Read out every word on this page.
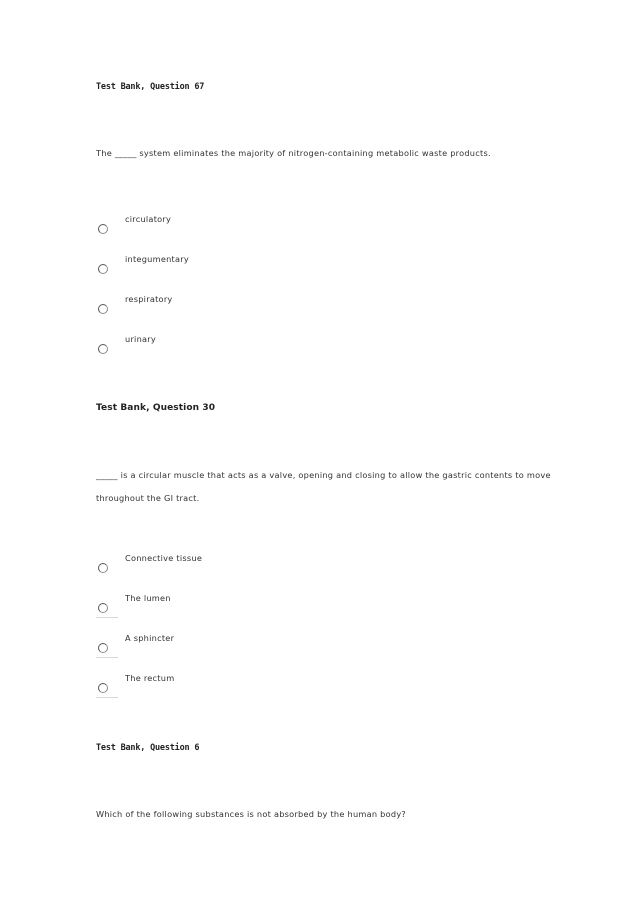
Test Bank, Question 67
The _____ system eliminates the majority of nitrogen-containing metabolic waste products.
circulatory
integumentary
respiratory
urinary
Test Bank, Question 30
_____ is a circular muscle that acts as a valve, opening and closing to allow the gastric contents to move throughout the GI tract.
Connective tissue
The lumen
A sphincter
The rectum
Test Bank, Question 6
Which of the following substances is not absorbed by the human body?
